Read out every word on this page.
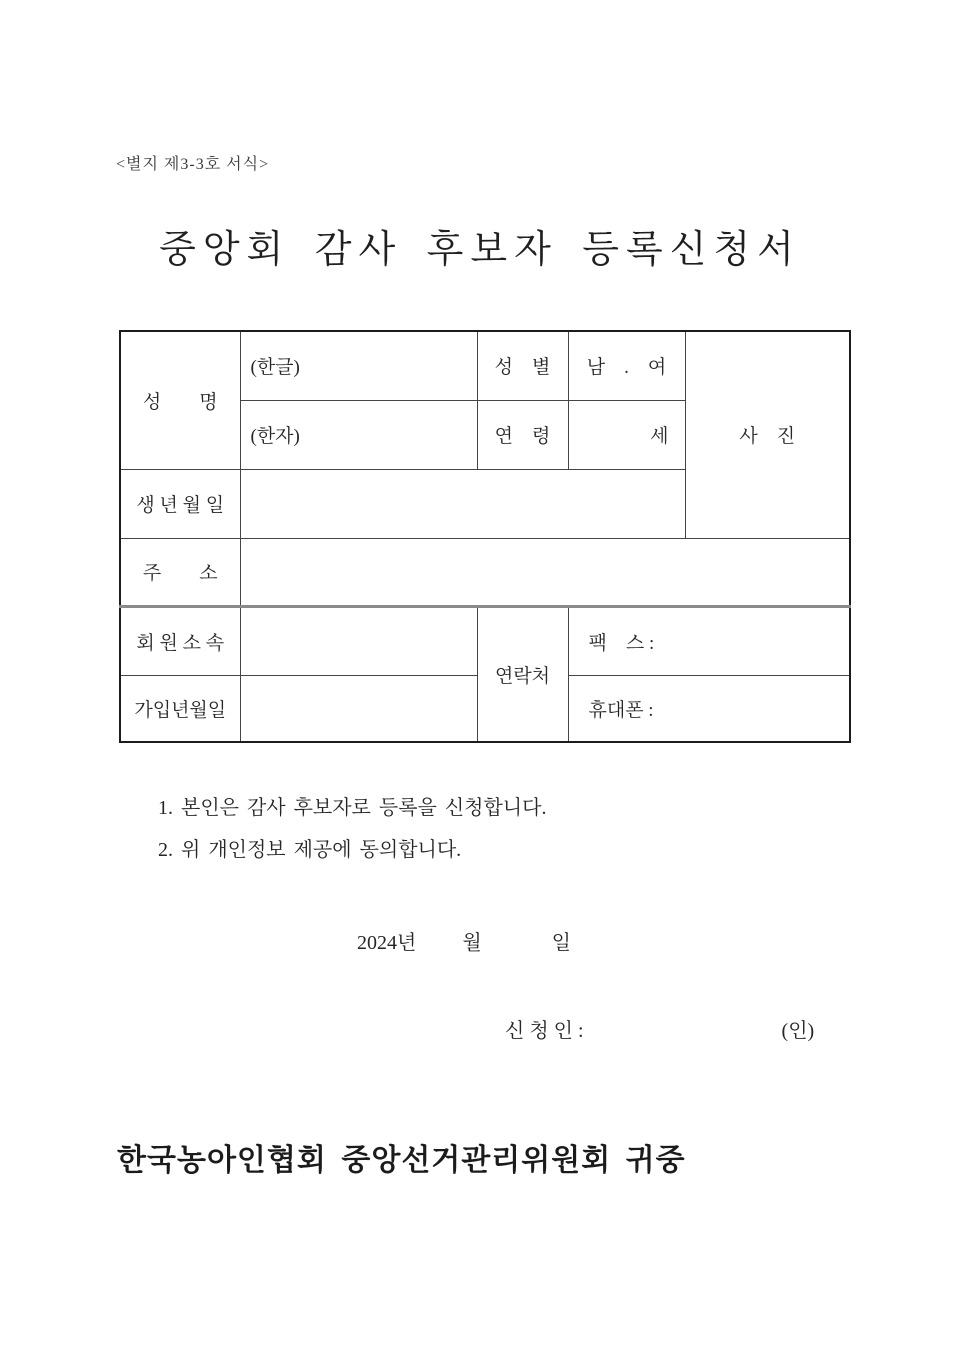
<별지 제3-3호 서식>
중앙회 감사 후보자 등록신청서
성　　명	(한글)	성　별	남　.　여	사　진
	(한자)	연　령	세	
생 년 월 일				
주　　소				
회 원 소 속		연락처	팩　스 :	
가입년월일			휴대폰 :	

1. 본인은 감사 후보자로 등록을 신청합니다.

2. 위 개인정보 제공에 동의합니다.

2024년 월	일
신 청 인 :	(인)
한국농아인협회 중앙선거관리위원회 귀중
